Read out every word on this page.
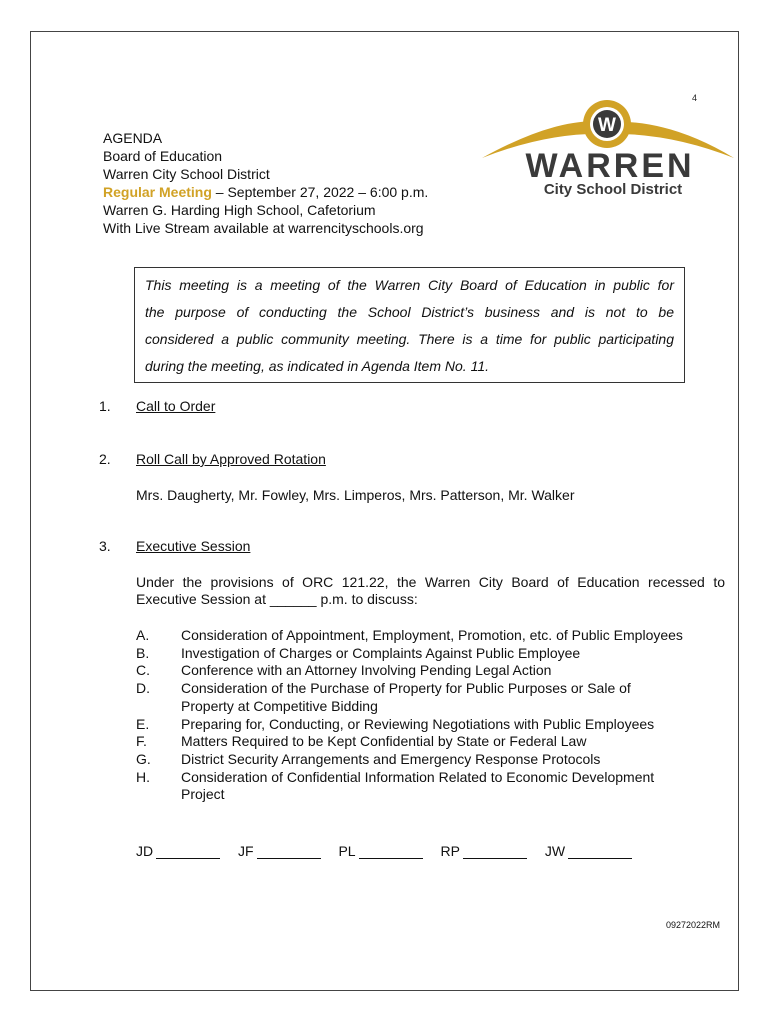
4
AGENDA
Board of Education
Warren City School District
Regular Meeting – September 27, 2022 – 6:00 p.m.
Warren G. Harding High School, Cafetorium
With Live Stream available at warrencityschools.org
W
WARREN
City School District
This meeting is a meeting of the Warren City Board of Education in public for
the purpose of conducting the School District’s business and is not to be
considered a public community meeting. There is a time for public participating
during the meeting, as indicated in Agenda Item No. 11.
1. Call to Order
2. Roll Call by Approved Rotation
Mrs. Daugherty, Mr. Fowley, Mrs. Limperos, Mrs. Patterson, Mr. Walker
3. Executive Session
Under the provisions of ORC 121.22, the Warren City Board of Education recessed to
Executive Session at ______ p.m. to discuss:
A.	Consideration of Appointment, Employment, Promotion, etc. of Public Employees
B.	Investigation of Charges or Complaints Against Public Employee
C.	Conference with an Attorney Involving Pending Legal Action
D.	Consideration of the Purchase of Property for Public Purposes or Sale of Property at Competitive Bidding
E.	Preparing for, Conducting, or Reviewing Negotiations with Public Employees
F.	Matters Required to be Kept Confidential by State or Federal Law
G.	District Security Arrangements and Emergency Response Protocols
H.	Consideration of Confidential Information Related to Economic Development Project
JD	JF	PL	RP	JW
09272022RM
